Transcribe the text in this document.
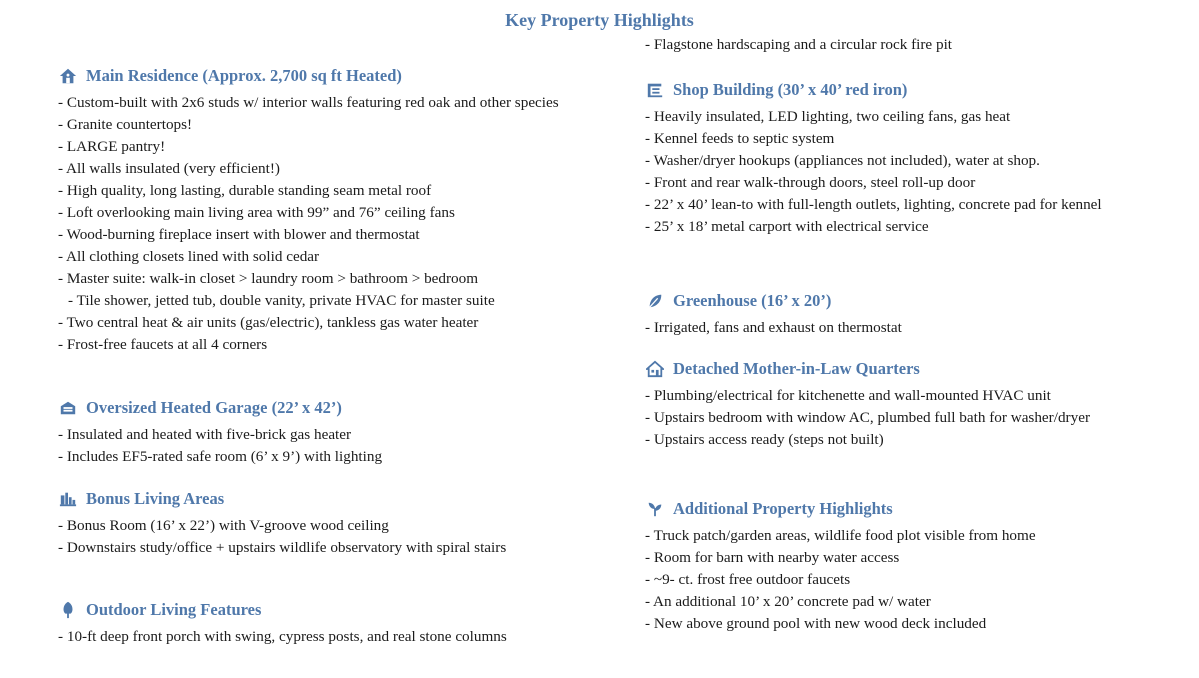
Key Property Highlights
Main Residence (Approx. 2,700 sq ft Heated)
- Custom-built with 2x6 studs w/ interior walls featuring red oak and other species
- Granite countertops!
- LARGE pantry!
- All walls insulated (very efficient!)
- High quality, long lasting, durable standing seam metal roof
- Loft overlooking main living area with 99” and 76” ceiling fans
- Wood-burning fireplace insert with blower and thermostat
- All clothing closets lined with solid cedar
- Master suite: walk-in closet > laundry room > bathroom > bedroom
- Tile shower, jetted tub, double vanity, private HVAC for master suite
- Two central heat & air units (gas/electric), tankless gas water heater
- Frost-free faucets at all 4 corners
Oversized Heated Garage (22’ x 42’)
- Insulated and heated with five-brick gas heater
- Includes EF5-rated safe room (6’ x 9’) with lighting
Bonus Living Areas
- Bonus Room (16’ x 22’) with V-groove wood ceiling
- Downstairs study/office + upstairs wildlife observatory with spiral stairs
Outdoor Living Features
- 10-ft deep front porch with swing, cypress posts, and real stone columns
- Flagstone hardscaping and a circular rock fire pit
Shop Building (30’ x 40’ red iron)
- Heavily insulated, LED lighting, two ceiling fans, gas heat
- Kennel feeds to septic system
- Washer/dryer hookups (appliances not included), water at shop.
- Front and rear walk-through doors, steel roll-up door
- 22’ x 40’ lean-to with full-length outlets, lighting, concrete pad for kennel
- 25’ x 18’ metal carport with electrical service
Greenhouse (16’ x 20’)
- Irrigated, fans and exhaust on thermostat
Detached Mother-in-Law Quarters
- Plumbing/electrical for kitchenette and wall-mounted HVAC unit
- Upstairs bedroom with window AC, plumbed full bath for washer/dryer
- Upstairs access ready (steps not built)
Additional Property Highlights
- Truck patch/garden areas, wildlife food plot visible from home
- Room for barn with nearby water access
- ~9- ct. frost free outdoor faucets
- An additional 10’ x 20’ concrete pad w/ water
- New above ground pool with new wood deck included
